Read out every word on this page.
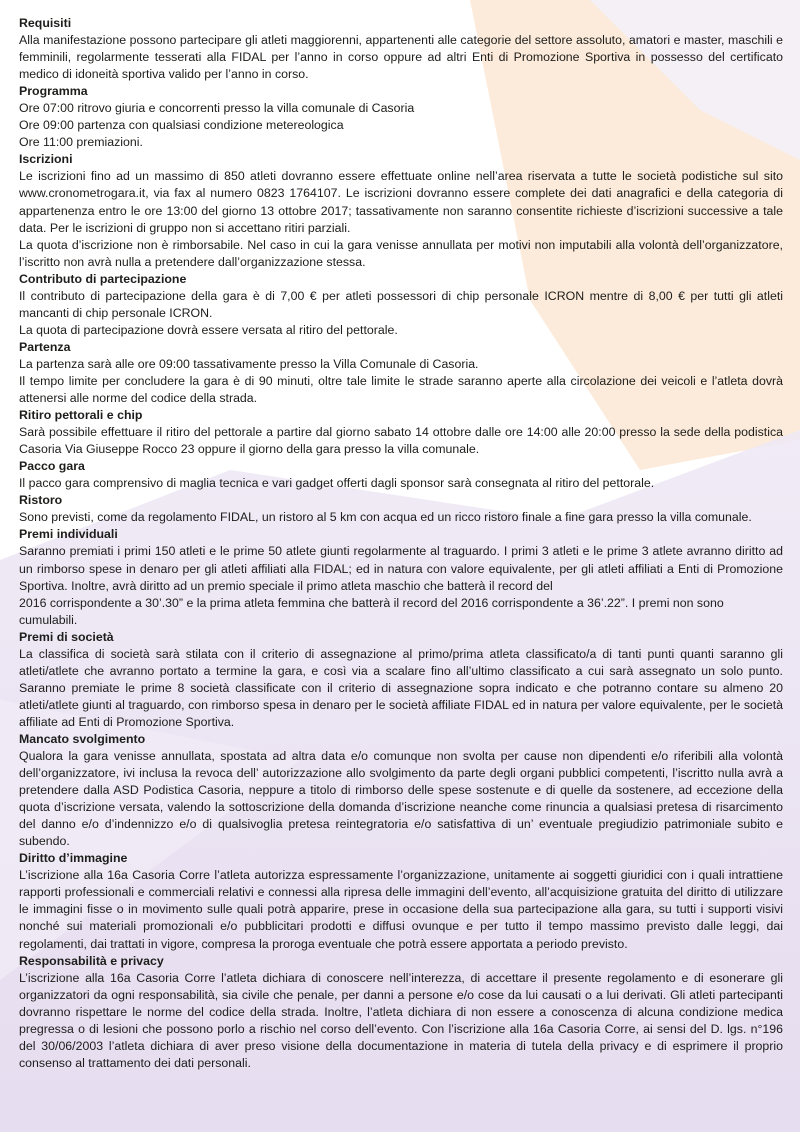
Requisiti

Alla manifestazione possono partecipare gli atleti maggiorenni, appartenenti alle categorie del settore assoluto, amatori e master, maschili e femminili, regolarmente tesserati alla FIDAL per l’anno in corso oppure ad altri Enti di Promozione Sportiva in possesso del certificato medico di idoneità sportiva valido per l’anno in corso.

Programma

Ore 07:00 ritrovo giuria e concorrenti presso la villa comunale di Casoria

Ore 09:00 partenza con qualsiasi condizione metereologica

Ore 11:00 premiazioni.

Iscrizioni

Le iscrizioni fino ad un massimo di 850 atleti dovranno essere effettuate online nell’area riservata a tutte le società podistiche sul sito www.cronometrogara.it, via fax al numero 0823 1764107. Le iscrizioni dovranno essere complete dei dati anagrafici e della categoria di appartenenza entro le ore 13:00 del giorno 13 ottobre 2017; tassativamente non saranno consentite richieste d’iscrizioni successive a tale data. Per le iscrizioni di gruppo non si accettano ritiri parziali.

La quota d’iscrizione non è rimborsabile. Nel caso in cui la gara venisse annullata per motivi non imputabili alla volontà dell’organizzatore, l’iscritto non avrà nulla a pretendere dall’organizzazione stessa.

Contributo di partecipazione

Il contributo di partecipazione della gara è di 7,00 € per atleti possessori di chip personale ICRON mentre di 8,00 € per tutti gli atleti mancanti di chip personale ICRON.

La quota di partecipazione dovrà essere versata al ritiro del pettorale.

Partenza

La partenza sarà alle ore 09:00 tassativamente presso la Villa Comunale di Casoria.

Il tempo limite per concludere la gara è di 90 minuti, oltre tale limite le strade saranno aperte alla circolazione dei veicoli e l’atleta dovrà attenersi alle norme del codice della strada.

Ritiro pettorali e chip

Sarà possibile effettuare il ritiro del pettorale a partire dal giorno sabato 14 ottobre dalle ore 14:00 alle 20:00 presso la sede della podistica Casoria Via Giuseppe Rocco 23 oppure il giorno della gara presso la villa comunale.

Pacco gara

Il pacco gara comprensivo di maglia tecnica e vari gadget offerti dagli sponsor sarà consegnata al ritiro del pettorale.

Ristoro

Sono previsti, come da regolamento FIDAL, un ristoro al 5 km con acqua ed un ricco ristoro finale a fine gara presso la villa comunale.

Premi individuali

Saranno premiati i primi 150 atleti e le prime 50 atlete giunti regolarmente al traguardo. I primi 3 atleti e le prime 3 atlete avranno diritto ad un rimborso spese in denaro per gli atleti affiliati alla FIDAL; ed in natura con valore equivalente, per gli atleti affiliati a Enti di Promozione Sportiva. Inoltre, avrà diritto ad un premio speciale il primo atleta maschio che batterà il record del

2016 corrispondente a 30’.30” e la prima atleta femmina che batterà il record del 2016 corrispondente a 36’.22”. I premi non sono cumulabili.

Premi di società

La classifica di società sarà stilata con il criterio di assegnazione al primo/prima atleta classificato/a di tanti punti quanti saranno gli atleti/atlete che avranno portato a termine la gara, e così via a scalare fino all’ultimo classificato a cui sarà assegnato un solo punto. Saranno premiate le prime 8 società classificate con il criterio di assegnazione sopra indicato e che potranno contare su almeno 20 atleti/atlete giunti al traguardo, con rimborso spesa in denaro per le società affiliate FIDAL ed in natura per valore equivalente, per le società affiliate ad Enti di Promozione Sportiva.

Mancato svolgimento

Qualora la gara venisse annullata, spostata ad altra data e/o comunque non svolta per cause non dipendenti e/o riferibili alla volontà dell’organizzatore, ivi inclusa la revoca dell’ autorizzazione allo svolgimento da parte degli organi pubblici competenti, l’iscritto nulla avrà a pretendere dalla ASD Podistica Casoria, neppure a titolo di rimborso delle spese sostenute e di quelle da sostenere, ad eccezione della quota d’iscrizione versata, valendo la sottoscrizione della domanda d’iscrizione neanche come rinuncia a qualsiasi pretesa di risarcimento del danno e/o d’indennizzo e/o di qualsivoglia pretesa reintegratoria e/o satisfattiva di un’ eventuale pregiudizio patrimoniale subito e subendo.

Diritto d’immagine

L’iscrizione alla 16a Casoria Corre l’atleta autorizza espressamente l’organizzazione, unitamente ai soggetti giuridici con i quali intrattiene rapporti professionali e commerciali relativi e connessi alla ripresa delle immagini dell’evento, all’acquisizione gratuita del diritto di utilizzare le immagini fisse o in movimento sulle quali potrà apparire, prese in occasione della sua partecipazione alla gara, su tutti i supporti visivi nonché sui materiali promozionali e/o pubblicitari prodotti e diffusi ovunque e per tutto il tempo massimo previsto dalle leggi, dai regolamenti, dai trattati in vigore, compresa la proroga eventuale che potrà essere apportata a periodo previsto.

Responsabilità e privacy

L’iscrizione alla 16a Casoria Corre l’atleta dichiara di conoscere nell’interezza, di accettare il presente regolamento e di esonerare gli organizzatori da ogni responsabilità, sia civile che penale, per danni a persone e/o cose da lui causati o a lui derivati. Gli atleti partecipanti dovranno rispettare le norme del codice della strada. Inoltre, l’atleta dichiara di non essere a conoscenza di alcuna condizione medica pregressa o di lesioni che possono porlo a rischio nel corso dell’evento. Con l’iscrizione alla 16a Casoria Corre, ai sensi del D. lgs. n°196 del 30/06/2003 l’atleta dichiara di aver preso visione della documentazione in materia di tutela della privacy e di esprimere il proprio consenso al trattamento dei dati personali.
